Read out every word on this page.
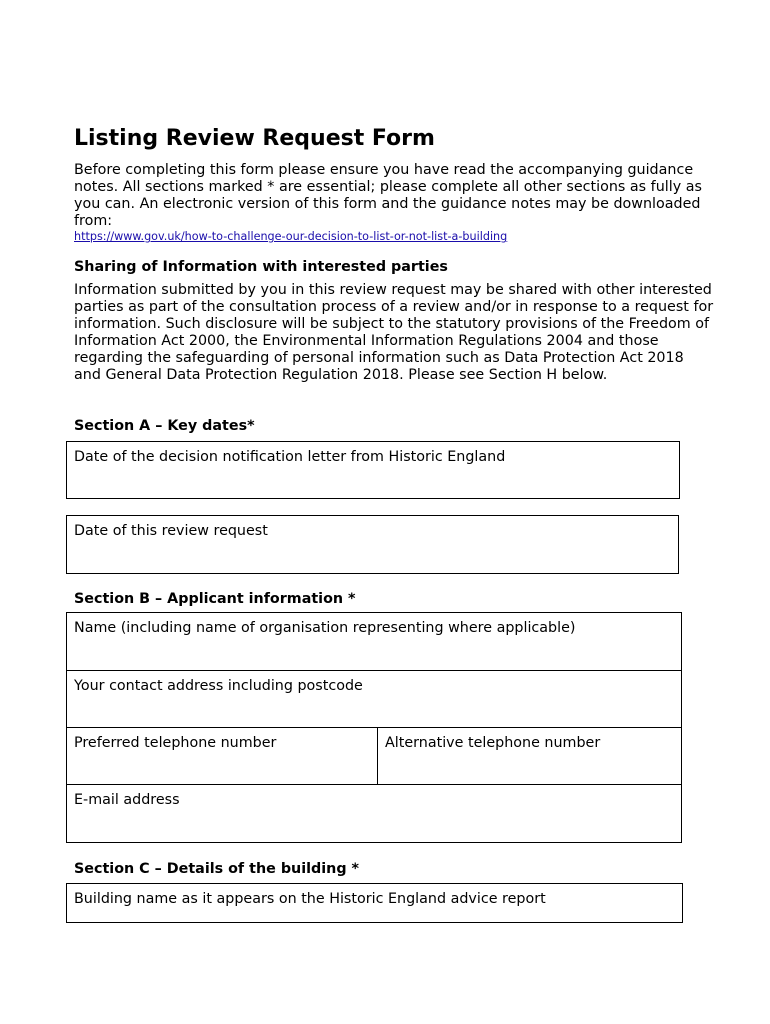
Listing Review Request Form

Before completing this form please ensure you have read the accompanying guidance notes. All sections marked * are essential; please complete all other sections as fully as you can. An electronic version of this form and the guidance notes may be downloaded from:

https://www.gov.uk/how-to-challenge-our-decision-to-list-or-not-list-a-building
Sharing of Information with interested parties

Information submitted by you in this review request may be shared with other interested parties as part of the consultation process of a review and/or in response to a request for information. Such disclosure will be subject to the statutory provisions of the Freedom of Information Act 2000, the Environmental Information Regulations 2004 and those regarding the safeguarding of personal information such as Data Protection Act 2018 and General Data Protection Regulation 2018. Please see Section H below.

Section A – Key dates*
Date of the decision notification letter from Historic England
Date of this review request
Section B – Applicant information *
Name (including name of organisation representing where applicable)
Your contact address including postcode
Preferred telephone number	Alternative telephone number
E-mail address
Section C – Details of the building *
Building name as it appears on the Historic England advice report
